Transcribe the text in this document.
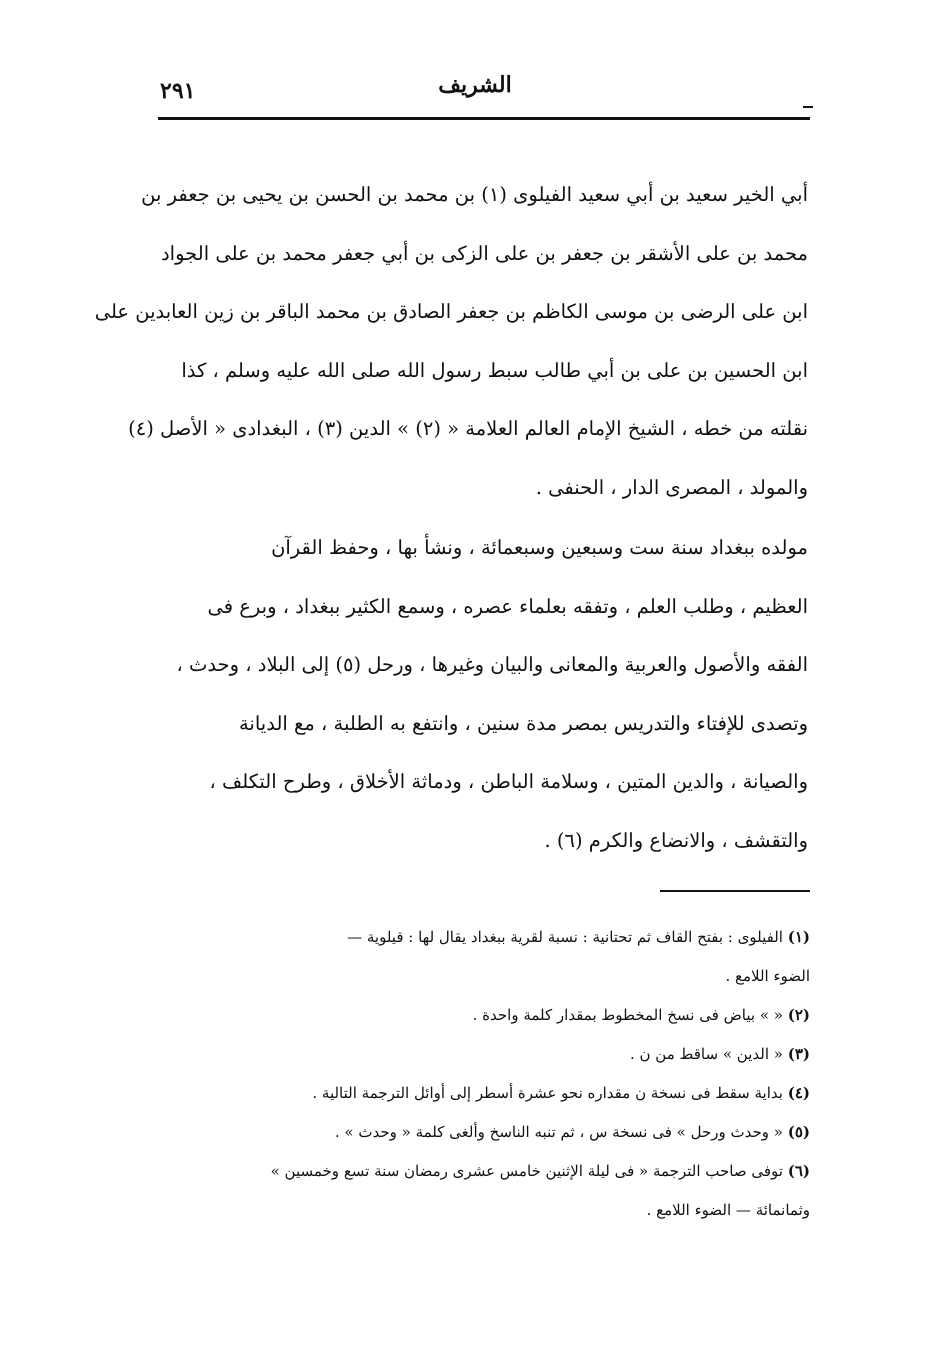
الشريف
٢٩١
أبي الخير سعيد بن أبي سعيد الفيلوى (١) بن محمد بن الحسن بن يحيى بن جعفر بن
محمد بن على الأشقر بن جعفر بن على الزكى بن أبي جعفر محمد بن على الجواد
ابن على الرضى بن موسى الكاظم بن جعفر الصادق بن محمد الباقر بن زين العابدين على
ابن الحسين بن على بن أبي طالب سبط رسول الله صلى الله عليه وسلم ، كذا
نقلته من خطه ، الشيخ الإمام العالم العلامة « (٢) » الدين (٣) ، البغدادى « الأصل (٤)
والمولد ، المصرى الدار ، الحنفى .
مولده ببغداد سنة ست وسبعين وسبعمائة ، ونشأ بها ، وحفظ القرآن
العظيم ، وطلب العلم ، وتفقه بعلماء عصره ، وسمع الكثير ببغداد ، وبرع فى
الفقه والأصول والعربية والمعانى والبيان وغيرها ، ورحل (٥) إلى البلاد ، وحدث ،
وتصدى للإفتاء والتدريس بمصر مدة سنين ، وانتفع به الطلبة ، مع الديانة
والصيانة ، والدين المتين ، وسلامة الباطن ، ودماثة الأخلاق ، وطرح التكلف ،
والتقشف ، والانضاع والكرم (٦) .
(١) الفيلوى : بفتح القاف ثم تحتانية : نسبة لقرية ببغداد يقال لها : قيلوية —
الضوء اللامع .
(٢) « » بياض فى نسخ المخطوط بمقدار كلمة واحدة .
(٣) « الدين » ساقط من ن .
(٤) بداية سقط فى نسخة ن مقداره نحو عشرة أسطر إلى أوائل الترجمة التالية .
(٥) « وحدث ورحل » فى نسخة س ، ثم تنبه الناسخ وألغى كلمة « وحدث » .
(٦) توفى صاحب الترجمة « فى ليلة الإثنين خامس عشرى رمضان سنة تسع وخمسين »
وثمانمائة — الضوء اللامع .
